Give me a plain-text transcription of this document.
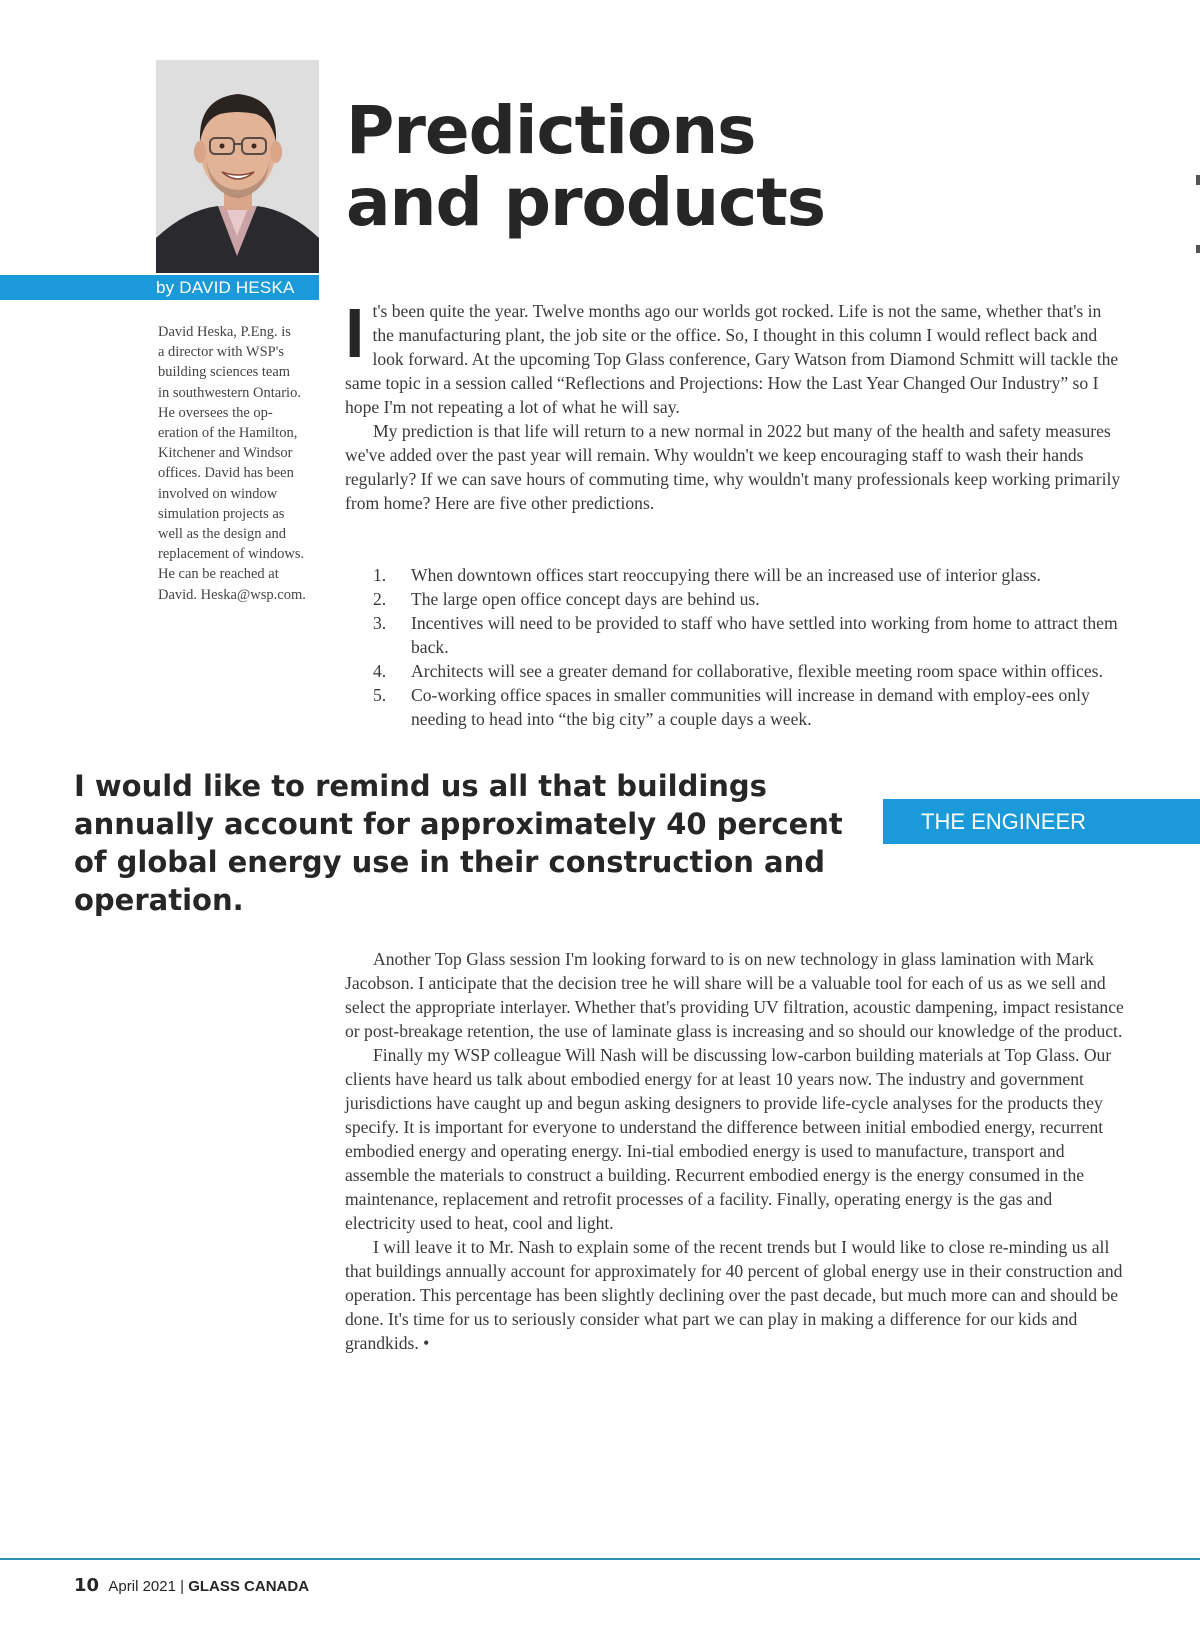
by DAVID HESKA
Predictions
and products

David Heska, P.Eng. is

a director with WSP's

building sciences team

in southwestern Ontario.

He oversees the op-

eration of the Hamilton,

Kitchener and Windsor

offices. David has been

involved on window

simulation projects as

well as the design and

replacement of windows.

He can be reached at

David. Heska@wsp.com.

I t's been quite the year. Twelve months ago our worlds got rocked. Life is not the same, whether that's in the manufacturing plant, the job site or the office. So, I thought in this column I would reflect back and look forward. At the upcoming Top Glass conference, Gary Watson from Diamond Schmitt will tackle the same topic in a session called “Reflections and Projections: How the Last Year Changed Our Industry” so I hope I'm not repeating a lot of what he will say.

My prediction is that life will return to a new normal in 2022 but many of the health and safety measures we've added over the past year will remain. Why wouldn't we keep encouraging staff to wash their hands regularly? If we can save hours of commuting time, why wouldn't many professionals keep working primarily from home? Here are five other predictions.

1. When downtown offices start reoccupying there will be an increased use of interior glass.
2. The large open office concept days are behind us.
3. Incentives will need to be provided to staff who have settled into working from home to attract them back.
4. Architects will see a greater demand for collaborative, flexible meeting room space within offices.
5. Co-working office spaces in smaller communities will increase in demand with employ-ees only needing to head into “the big city” a couple days a week.
I would like to remind us all that buildings annually account for approximately 40 percent of global energy use in their construction and operation.
THE ENGINEER

Another Top Glass session I'm looking forward to is on new technology in glass lamination with Mark Jacobson. I anticipate that the decision tree he will share will be a valuable tool for each of us as we sell and select the appropriate interlayer. Whether that's providing UV filtration, acoustic dampening, impact resistance or post-breakage retention, the use of laminate glass is increasing and so should our knowledge of the product.

Finally my WSP colleague Will Nash will be discussing low-carbon building materials at Top Glass. Our clients have heard us talk about embodied energy for at least 10 years now. The industry and government jurisdictions have caught up and begun asking designers to provide life-cycle analyses for the products they specify. It is important for everyone to understand the difference between initial embodied energy, recurrent embodied energy and operating energy. Ini-tial embodied energy is used to manufacture, transport and assemble the materials to construct a building. Recurrent embodied energy is the energy consumed in the maintenance, replacement and retrofit processes of a facility. Finally, operating energy is the gas and electricity used to heat, cool and light.

I will leave it to Mr. Nash to explain some of the recent trends but I would like to close re-minding us all that buildings annually account for approximately for 40 percent of global energy use in their construction and operation. This percentage has been slightly declining over the past decade, but much more can and should be done. It's time for us to seriously consider what part we can play in making a difference for our kids and grandkids. •

10 April 2021 | GLASS CANADA
